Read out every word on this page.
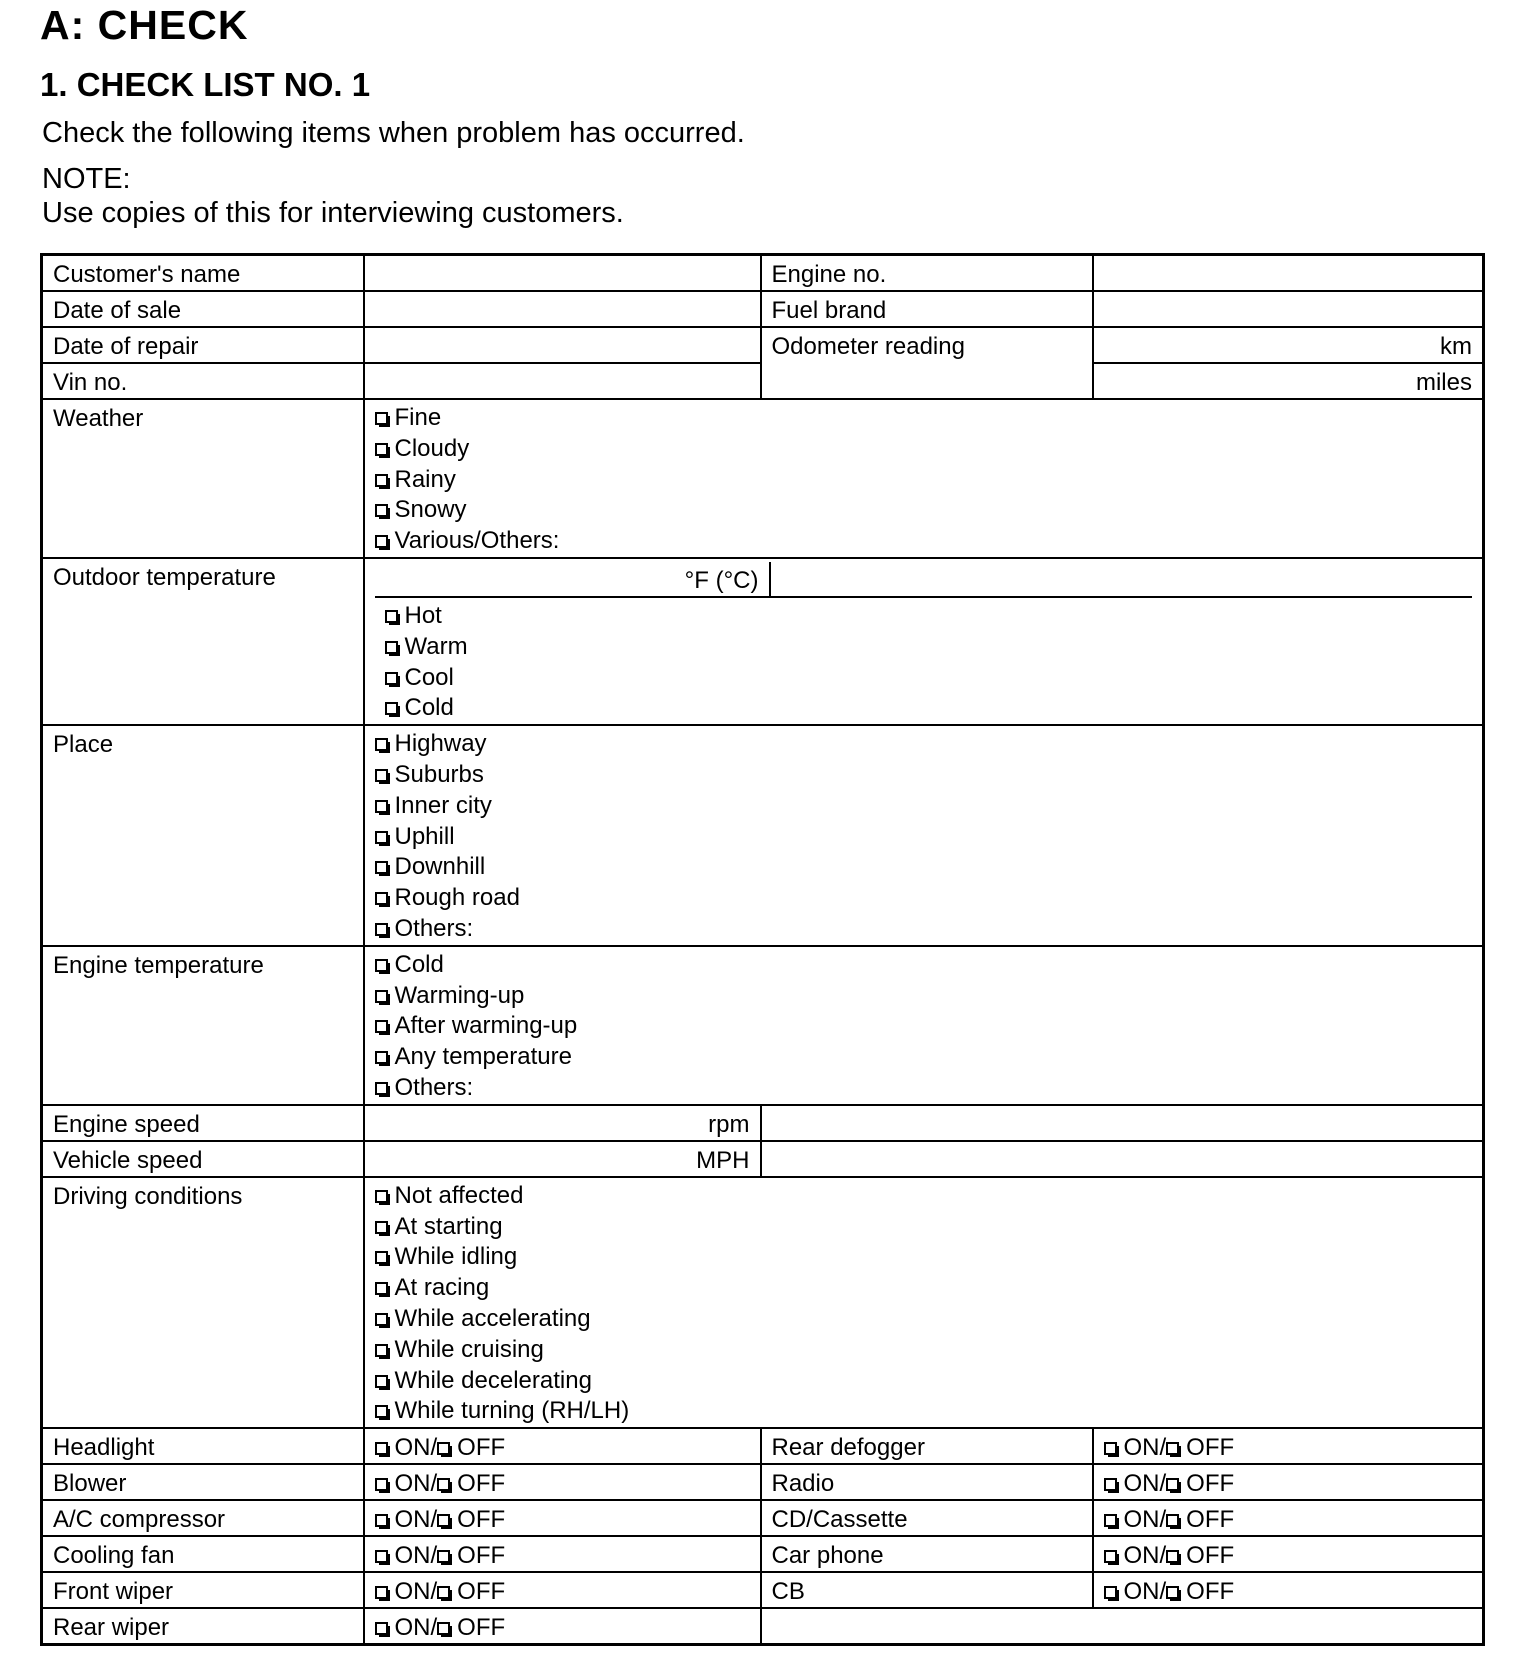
A: CHECK
1. CHECK LIST NO. 1

Check the following items when problem has occurred.

NOTE:

Use copies of this for interviewing customers.

Customer's name		Engine no.	
Date of sale		Fuel brand	
Date of repair		Odometer reading	km
Vin no.		miles
Weather	Fine
Cloudy
Rainy
Snowy
Various/Others:

Outdoor temperature		°F (°C)	

Hot
Warm
Cool
Cold

Place	Highway
Suburbs
Inner city
Uphill
Downhill
Rough road
Others:

Engine temperature	Cold
Warming-up
After warming-up
Any temperature
Others:

Engine speed	rpm	
Vehicle speed	MPH	
Driving conditions	Not affected
At starting
While idling
At racing
While accelerating
While cruising
While decelerating
While turning (RH/LH)

Headlight	ON/ OFF	Rear defogger	ON/ OFF
Blower	ON/ OFF	Radio	ON/ OFF
A/C compressor	ON/ OFF	CD/Cassette	ON/ OFF
Cooling fan	ON/ OFF	Car phone	ON/ OFF
Front wiper	ON/ OFF	CB	ON/ OFF
Rear wiper	ON/ OFF	
